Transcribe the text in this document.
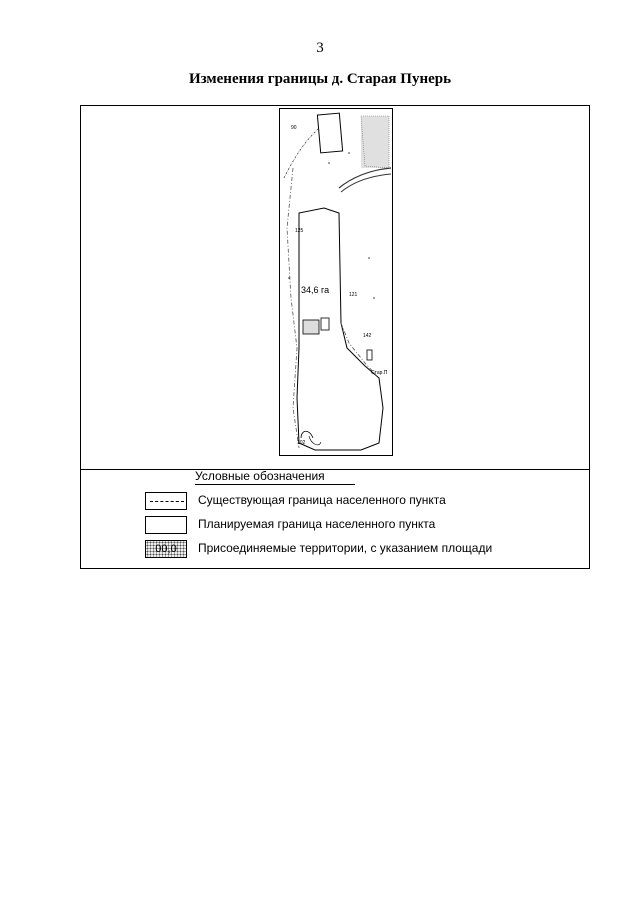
3
Изменения границы д. Старая Пунерь
125
90
121
142
102
34,6 га
Стар.П
Условные обозначения
Существующая граница населенного пункта
Планируемая граница населенного пункта
00,0	Присоединяемые территории, с указанием площади
